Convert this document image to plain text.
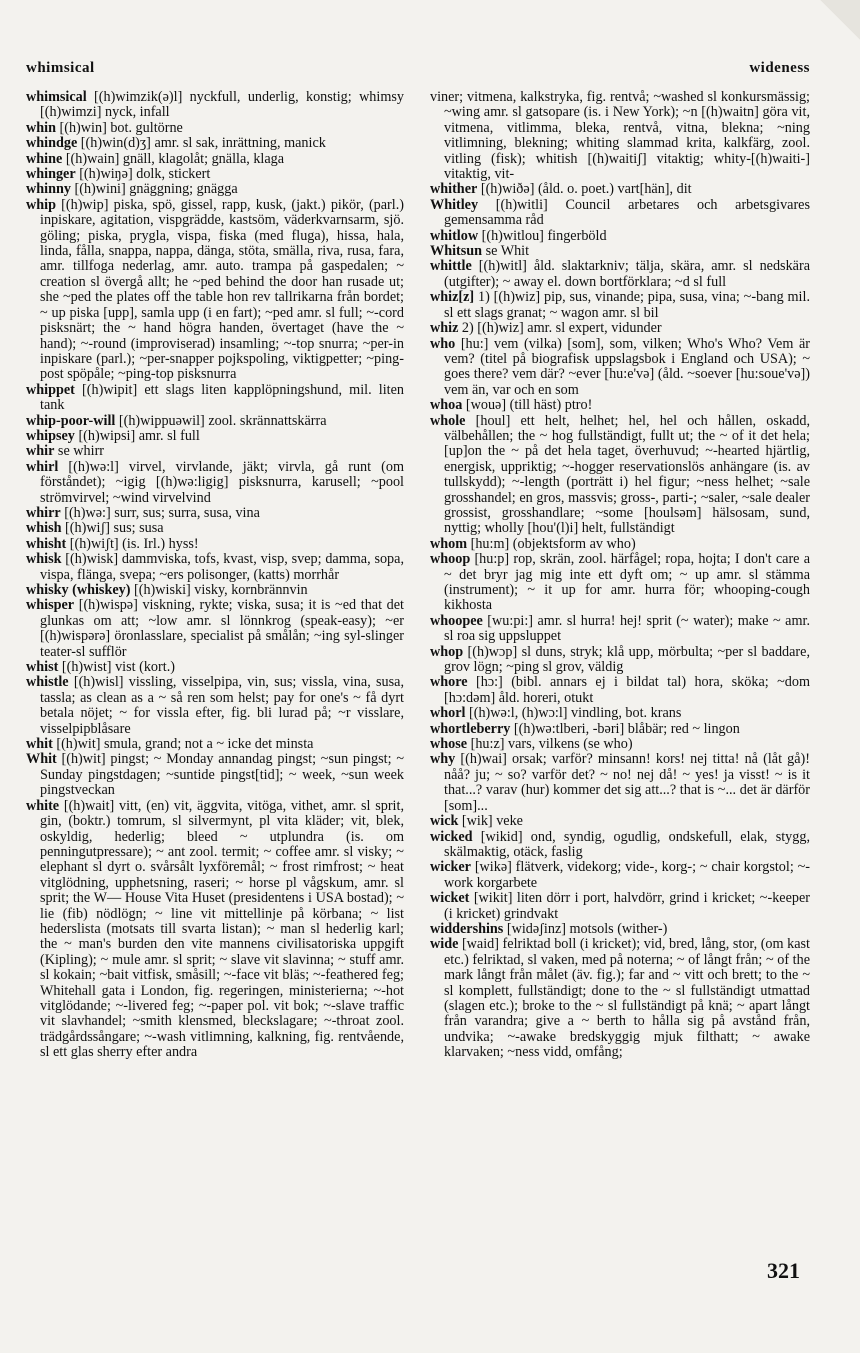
whimsical	wideness

whimsical [(h)wimzik(ə)l] nyckfull, underlig, konstig; whimsy [(h)wimzi] nyck, infall

whin [(h)win] bot. gultörne

whindge [(h)win(d)ʒ] amr. sl sak, inrättning, manick

whine [(h)wain] gnäll, klagolåt; gnälla, klaga

whinger [(h)wiŋə] dolk, stickert

whinny [(h)wini] gnäggning; gnägga

whip [(h)wip] piska, spö, gissel, rapp, kusk, (jakt.) pikör, (parl.) inpiskare, agitation, vispgrädde, kastsöm, väderkvarnsarm, sjö. göling; piska, prygla, vispa, fiska (med fluga), hissa, hala, linda, fålla, snappa, nappa, dänga, stöta, smälla, riva, rusa, fara, amr. tillfoga nederlag, amr. auto. trampa på gaspedalen; ~ creation sl övergå allt; he ~ped behind the door han rusade ut; she ~ped the plates off the table hon rev tallrikarna från bordet; ~ up piska [upp], samla upp (i en fart); ~ped amr. sl full; ~-cord pisksnärt; the ~ hand högra handen, övertaget (have the ~ hand); ~-round (improviserad) insamling; ~-top snurra; ~per-in inpiskare (parl.); ~per-snapper pojkspoling, viktigpetter; ~ping-post spöpåle; ~ping-top pisksnurra

whippet [(h)wipit] ett slags liten kapplöpningshund, mil. liten tank

whip-poor-will [(h)wippuəwil] zool. skrännattskärra

whipsey [(h)wipsi] amr. sl full

whir se whirr

whirl [(h)wə:l] virvel, virvlande, jäkt; virvla, gå runt (om förståndet); ~igig [(h)wə:ligig] pisksnurra, karusell; ~pool strömvirvel; ~wind virvelvind

whirr [(h)wə:] surr, sus; surra, susa, vina

whish [(h)wiʃ] sus; susa

whisht [(h)wiʃt] (is. Irl.) hyss!

whisk [(h)wisk] dammviska, tofs, kvast, visp, svep; damma, sopa, vispa, flänga, svepa; ~ers polisonger, (katts) morrhår

whisky (whiskey) [(h)wiski] visky, kornbrännvin

whisper [(h)wispə] viskning, rykte; viska, susa; it is ~ed that det glunkas om att; ~low amr. sl lönnkrog (speak-easy); ~er [(h)wispərə] öronlasslare, specialist på smålån; ~ing syl-slinger teater-sl sufflör

whist [(h)wist] vist (kort.)

whistle [(h)wisl] vissling, visselpipa, vin, sus; vissla, vina, susa, tassla; as clean as a ~ så ren som helst; pay for one's ~ få dyrt betala nöjet; ~ for vissla efter, fig. bli lurad på; ~r visslare, visselpipblåsare

whit [(h)wit] smula, grand; not a ~ icke det minsta

Whit [(h)wit] pingst; ~ Monday annandag pingst; ~sun pingst; ~ Sunday pingstdagen; ~suntide pingst[tid]; ~ week, ~sun week pingstveckan

white [(h)wait] vitt, (en) vit, äggvita, vitöga, vithet, amr. sl sprit, gin, (boktr.) tomrum, sl silvermynt, pl vita kläder; vit, blek, oskyldig, hederlig; bleed ~ utplundra (is. om penningutpressare); ~ ant zool. termit; ~ coffee amr. sl visky; ~ elephant sl dyrt o. svårsålt lyxföremål; ~ frost rimfrost; ~ heat vitglödning, upphetsning, raseri; ~ horse pl vågskum, amr. sl sprit; the W— House Vita Huset (presidentens i USA bostad); ~ lie (fib) nödlögn; ~ line vit mittellinje på körbana; ~ list hederslista (motsats till svarta listan); ~ man sl hederlig karl; the ~ man's burden den vite mannens civilisatoriska uppgift (Kipling); ~ mule amr. sl sprit; ~ slave vit slavinna; ~ stuff amr. sl kokain; ~bait vitfisk, småsill; ~-face vit bläs; ~-feathered feg; Whitehall gata i London, fig. regeringen, ministerierna; ~-hot vitglödande; ~-livered feg; ~-paper pol. vit bok; ~-slave traffic vit slavhandel; ~smith klensmed, bleckslagare; ~-throat zool. trädgårdssångare; ~-wash vitlimning, kalkning, fig. rentvående, sl ett glas sherry efter andra

viner; vitmena, kalkstryka, fig. rentvå; ~washed sl konkursmässig; ~wing amr. sl gatsopare (is. i New York); ~n [(h)waitn] göra vit, vitmena, vitlimma, bleka, rentvå, vitna, blekna; ~ning vitlimning, blekning; whiting slammad krita, kalkfärg, zool. vitling (fisk); whitish [(h)waitiʃ] vitaktig; whity-[(h)waiti-] vitaktig, vit-

whither [(h)wiðə] (åld. o. poet.) vart[hän], dit

Whitley [(h)witli] Council arbetares och arbetsgivares gemensamma råd

whitlow [(h)witlou] fingerböld

Whitsun se Whit

whittle [(h)witl] åld. slaktarkniv; tälja, skära, amr. sl nedskära (utgifter); ~ away el. down bortförklara; ~d sl full

whiz[z] 1) [(h)wiz] pip, sus, vinande; pipa, susa, vina; ~-bang mil. sl ett slags granat; ~ wagon amr. sl bil

whiz 2) [(h)wiz] amr. sl expert, vidunder

who [hu:] vem (vilka) [som], som, vilken; Who's Who? Vem är vem? (titel på biografisk uppslagsbok i England och USA); ~ goes there? vem där? ~ever [hu:e'və] (åld. ~soever [hu:soue'və]) vem än, var och en som

whoa [wouə] (till häst) ptro!

whole [houl] ett helt, helhet; hel, hel och hållen, oskadd, välbehållen; the ~ hog fullständigt, fullt ut; the ~ of it det hela; [up]on the ~ på det hela taget, överhuvud; ~-hearted hjärtlig, energisk, uppriktig; ~-hogger reservationslös anhängare (is. av tullskydd); ~-length (porträtt i) hel figur; ~ness helhet; ~sale grosshandel; en gros, massvis; gross-, parti-; ~saler, ~sale dealer grossist, grosshandlare; ~some [houlsəm] hälsosam, sund, nyttig; wholly [hou'(l)i] helt, fullständigt

whom [hu:m] (objektsform av who)

whoop [hu:p] rop, skrän, zool. härfågel; ropa, hojta; I don't care a ~ det bryr jag mig inte ett dyft om; ~ up amr. sl stämma (instrument); ~ it up for amr. hurra för; whooping-cough kikhosta

whoopee [wu:pi:] amr. sl hurra! hej! sprit (~ water); make ~ amr. sl roa sig uppsluppet

whop [(h)wɔp] sl duns, stryk; klå upp, mörbulta; ~per sl baddare, grov lögn; ~ping sl grov, väldig

whore [hɔ:] (bibl. annars ej i bildat tal) hora, sköka; ~dom [hɔ:dəm] åld. horeri, otukt

whorl [(h)wə:l, (h)wɔ:l] vindling, bot. krans

whortleberry [(h)wə:tlberi, -bəri] blåbär; red ~ lingon

whose [hu:z] vars, vilkens (se who)

why [(h)wai] orsak; varför? minsann! kors! nej titta! nå (låt gå)! nåå? ju; ~ so? varför det? ~ no! nej då! ~ yes! ja visst! ~ is it that...? varav (hur) kommer det sig att...? that is ~... det är därför [som]...

wick [wik] veke

wicked [wikid] ond, syndig, ogudlig, ondskefull, elak, stygg, skälmaktig, otäck, faslig

wicker [wikə] flätverk, videkorg; vide-, korg-; ~ chair korgstol; ~-work korgarbete

wicket [wikit] liten dörr i port, halvdörr, grind i kricket; ~-keeper (i kricket) grindvakt

widdershins [widəʃinz] motsols (wither-)

wide [waid] felriktad boll (i kricket); vid, bred, lång, stor, (om kast etc.) felriktad, sl vaken, med på noterna; ~ of långt från; ~ of the mark långt från målet (äv. fig.); far and ~ vitt och brett; to the ~ sl komplett, fullständigt; done to the ~ sl fullständigt utmattad (slagen etc.); broke to the ~ sl fullständigt på knä; ~ apart långt från varandra; give a ~ berth to hålla sig på avstånd från, undvika; ~-awake bredskyggig mjuk filthatt; ~ awake klarvaken; ~ness vidd, omfång;

321
